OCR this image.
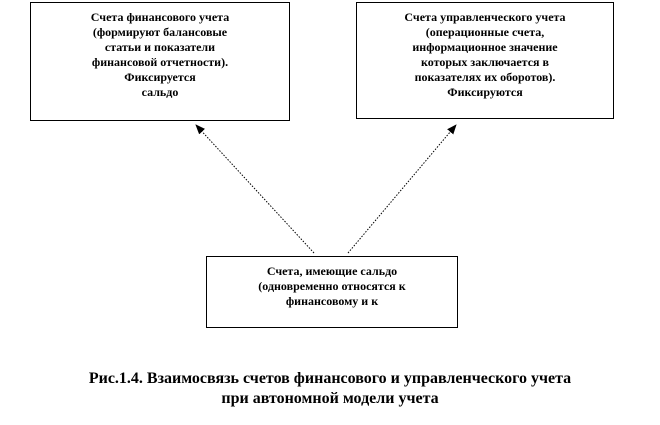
Счета финансового учета
(формируют балансовые
статьи и показатели
финансовой отчетности).
Фиксируется
сальдо
Счета управленческого учета
(операционные счета,
информационное значение
которых заключается в
показателях их оборотов).
Фиксируются
Счета, имеющие сальдо
(одновременно относятся к
финансовому и к
Рис.1.4. Взаимосвязь счетов финансового и управленческого учета
при автономной модели учета
